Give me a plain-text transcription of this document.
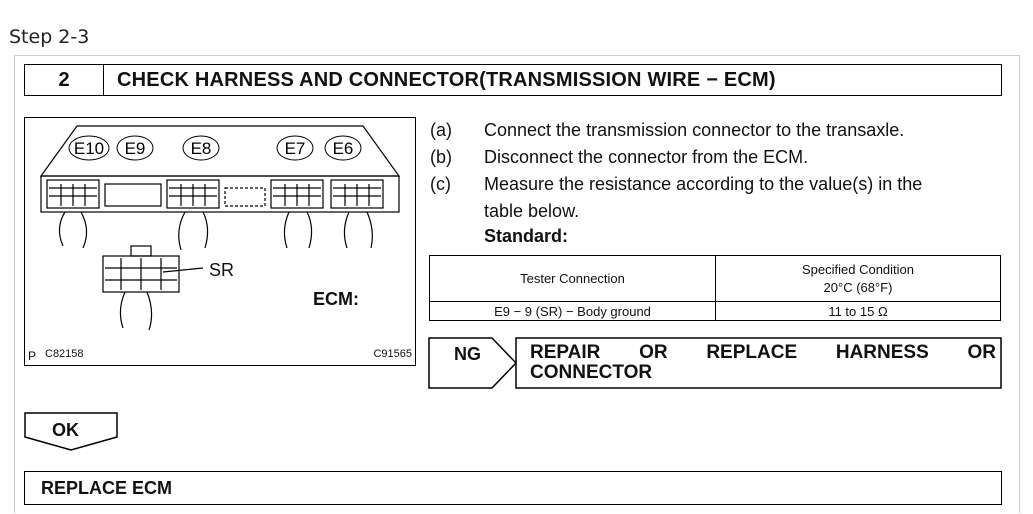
Step 2-3
2	CHECK HARNESS AND CONNECTOR(TRANSMISSION WIRE − ECM)
E10 E9	E8	E7 E6
SR
ECM:
P C82158	C91565
(a) Connect the transmission connector to the transaxle.
(b) Disconnect the connector from the ECM.
(c) Measure the resistance according to the value(s) in the
table below.
Standard:
Tester Connection	Specified Condition
20°C (68°F)

E9 − 9 (SR) − Body ground	11 to 15 Ω
NG	REPAIR OR REPLACE HARNESS OR
CONNECTOR
OK
REPLACE ECM
